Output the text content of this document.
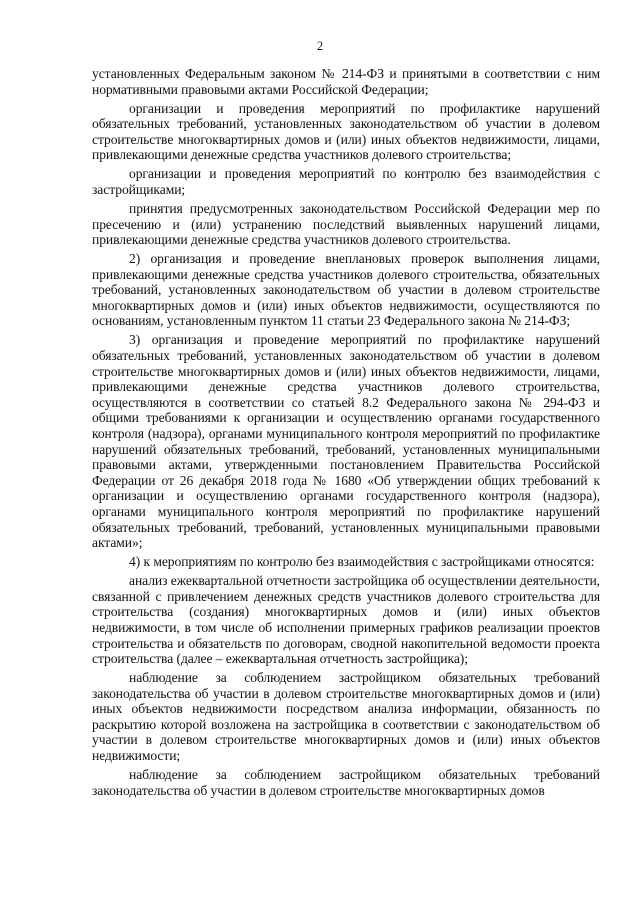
2

установленных Федеральным законом № 214-ФЗ и принятыми в соответствии с ним нормативными правовыми актами Российской Федерации;

организации и проведения мероприятий по профилактике нарушений обязательных требований, установленных законодательством об участии в долевом строительстве многоквартирных домов и (или) иных объектов недвижимости, лицами, привлекающими денежные средства участников долевого строительства;

организации и проведения мероприятий по контролю без взаимодействия с застройщиками;

принятия предусмотренных законодательством Российской Федерации мер по пресечению и (или) устранению последствий выявленных нарушений лицами, привлекающими денежные средства участников долевого строительства.

2) организация и проведение внеплановых проверок выполнения лицами, привлекающими денежные средства участников долевого строительства, обязательных требований, установленных законодательством об участии в долевом строительстве многоквартирных домов и (или) иных объектов недвижимости, осуществляются по основаниям, установленным пунктом 11 статьи 23 Федерального закона № 214-ФЗ;

3) организация и проведение мероприятий по профилактике нарушений обязательных требований, установленных законодательством об участии в долевом строительстве многоквартирных домов и (или) иных объектов недвижимости, лицами, привлекающими денежные средства участников долевого строительства, осуществляются в соответствии со статьей 8.2 Федерального закона № 294-ФЗ и общими требованиями к организации и осуществлению органами государственного контроля (надзора), органами муниципального контроля мероприятий по профилактике нарушений обязательных требований, требований, установленных муниципальными правовыми актами, утвержденными постановлением Правительства Российской Федерации от 26 декабря 2018 года № 1680 «Об утверждении общих требований к организации и осуществлению органами государственного контроля (надзора), органами муниципального контроля мероприятий по профилактике нарушений обязательных требований, требований, установленных муниципальными правовыми актами»;

4) к мероприятиям по контролю без взаимодействия с застройщиками относятся:

анализ ежеквартальной отчетности застройщика об осуществлении деятельности, связанной с привлечением денежных средств участников долевого строительства для строительства (создания) многоквартирных домов и (или) иных объектов недвижимости, в том числе об исполнении примерных графиков реализации проектов строительства и обязательств по договорам, сводной накопительной ведомости проекта строительства (далее – ежеквартальная отчетность застройщика);

наблюдение за соблюдением застройщиком обязательных требований законодательства об участии в долевом строительстве многоквартирных домов и (или) иных объектов недвижимости посредством анализа информации, обязанность по раскрытию которой возложена на застройщика в соответствии с законодательством об участии в долевом строительстве многоквартирных домов и (или) иных объектов недвижимости;

наблюдение за соблюдением застройщиком обязательных требований законодательства об участии в долевом строительстве многоквартирных домов
